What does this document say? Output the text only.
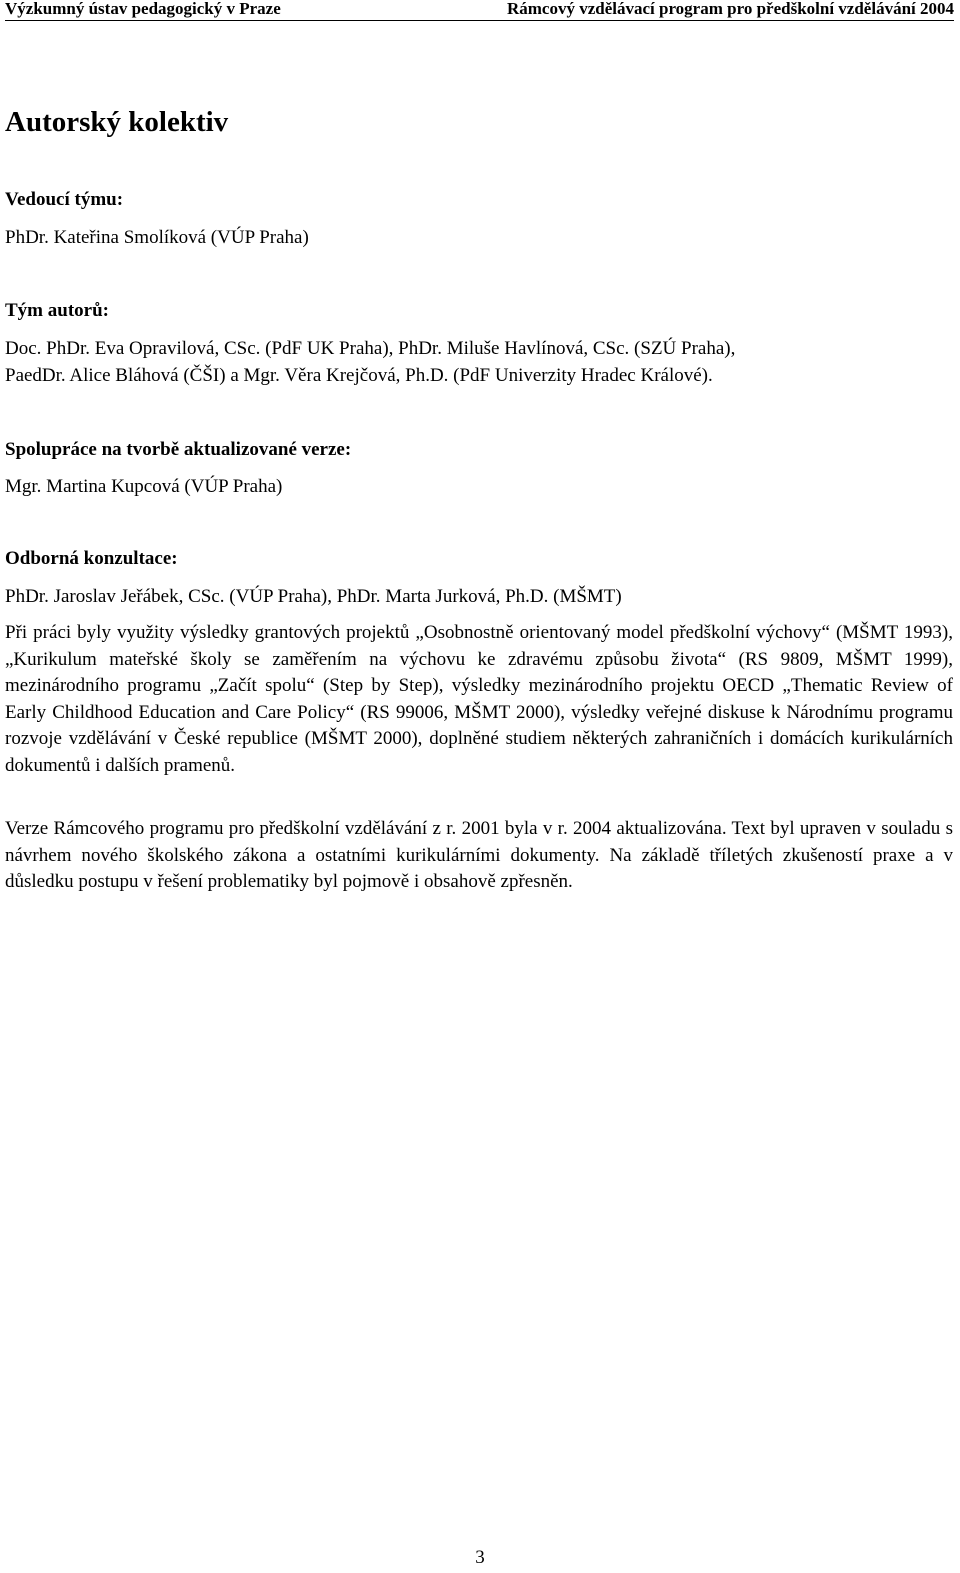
Výzkumný ústav pedagogický v Praze	Rámcový vzdělávací program pro předškolní vzdělávání 2004
Autorský kolektiv

Vedoucí týmu:

PhDr. Kateřina Smolíková (VÚP Praha)

Tým autorů:

Doc. PhDr. Eva Opravilová, CSc. (PdF UK Praha), PhDr. Miluše Havlínová, CSc. (SZÚ Praha),

PaedDr. Alice Bláhová (ČŠI) a Mgr. Věra Krejčová, Ph.D. (PdF Univerzity Hradec Králové).

Spolupráce na tvorbě aktualizované verze:

Mgr. Martina Kupcová (VÚP Praha)

Odborná konzultace:

PhDr. Jaroslav Jeřábek, CSc. (VÚP Praha), PhDr. Marta Jurková, Ph.D. (MŠMT)

Při práci byly využity výsledky grantových projektů „Osobnostně orientovaný model předškolní výchovy“ (MŠMT 1993), „Kurikulum mateřské školy se zaměřením na výchovu ke zdravému způsobu života“ (RS 9809, MŠMT 1999), mezinárodního programu „Začít spolu“ (Step by Step), výsledky mezinárodního projektu OECD „Thematic Review of Early Childhood Education and Care Policy“ (RS 99006, MŠMT 2000), výsledky veřejné diskuse k Národnímu programu rozvoje vzdělávání v České republice (MŠMT 2000), doplněné studiem některých zahraničních i domácích kurikulárních dokumentů i dalších pramenů.

Verze Rámcového programu pro předškolní vzdělávání z r. 2001 byla v r. 2004 aktualizována. Text byl upraven v souladu s návrhem nového školského zákona a ostatními kurikulárními dokumenty. Na základě tříletých zkušeností praxe a v důsledku postupu v řešení problematiky byl pojmově i obsahově zpřesněn.

3
